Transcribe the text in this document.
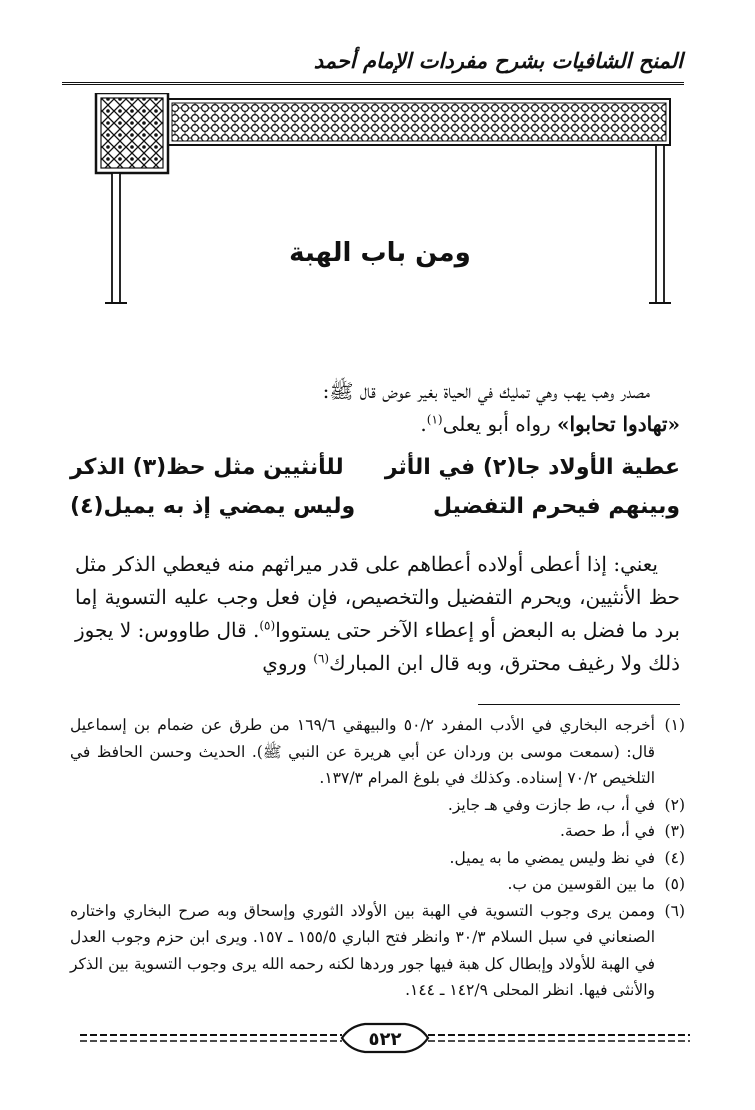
المنح الشافيات بشرح مفردات الإمام أحمد
ومن باب الهبة
مصدر وهب يهب وهي تمليك في الحياة بغير عوض قال ﷺ:
«تهادوا تحابوا» رواه أبو يعلى$^{(١)}$.
عطية الأولاد جا(٢) في الأثر
للأنثيين مثل حظ(٣) الذكر
وبينهم فيحرم التفضيل
وليس يمضي إذ به يميل(٤)
يعني: إذا أعطى أولاده أعطاهم على قدر ميراثهم منه فيعطي الذكر مثل حظ الأنثيين، ويحرم التفضيل والتخصيص، فإن فعل وجب عليه التسوية إما برد ما فضل به البعض أو إعطاء الآخر حتى يستووا$^{(٥)}$. قال طاووس: لا يجوز ذلك ولا رغيف محترق، وبه قال ابن المبارك$^{(٦)}$ وروي
(١)
أخرجه البخاري في الأدب المفرد ٥٠/٢ والبيهقي ١٦٩/٦ من طرق عن ضمام بن إسماعيل قال: (سمعت موسى بن وردان عن أبي هريرة عن النبي ﷺ). الحديث وحسن الحافظ في التلخيص ٧٠/٢ إسناده. وكذلك في بلوغ المرام ١٣٧/٣.
(٢)
في أ، ب، ط جازت وفي هـ جايز.
(٣)
في أ، ط حصة.
(٤)
في نظ وليس يمضي ما به يميل.
(٥)
ما بين القوسين من ب.
(٦)
وممن يرى وجوب التسوية في الهبة بين الأولاد الثوري وإسحاق وبه صرح البخاري واختاره الصنعاني في سبل السلام ٣٠/٣ وانظر فتح الباري ١٥٥/٥ ـ ١٥٧. ويرى ابن حزم وجوب العدل في الهبة للأولاد وإبطال كل هبة فيها جور وردها لكنه رحمه الله يرى وجوب التسوية بين الذكر والأنثى فيها. انظر المحلى ١٤٢/٩ ـ ١٤٤.
٥٢٢
